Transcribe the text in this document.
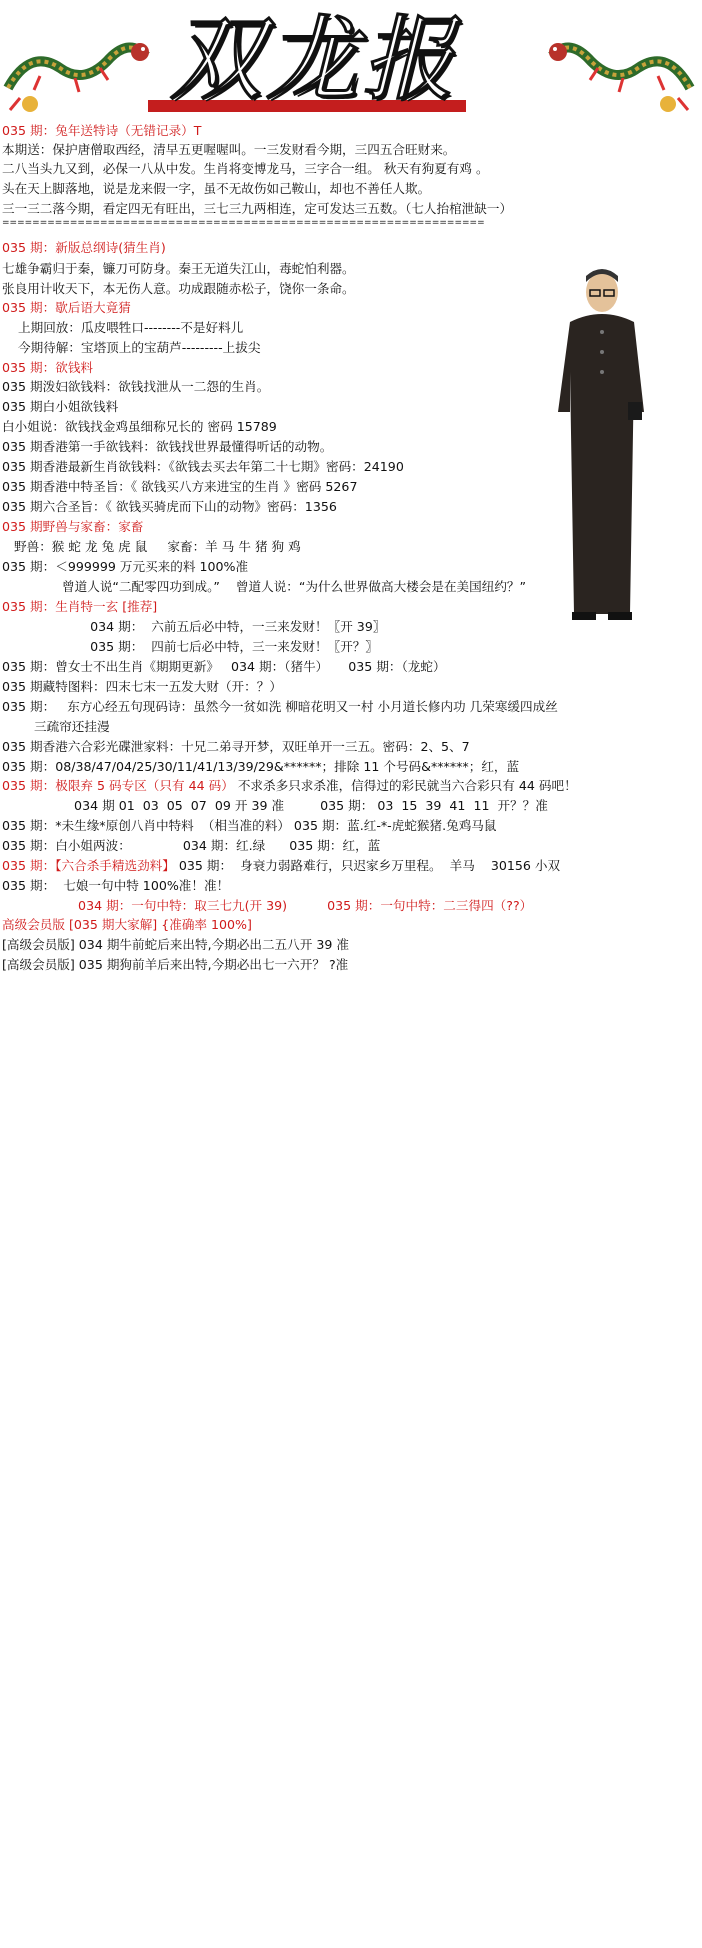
双龙报
035 期：兔年送特诗（无错记录）T
本期送：保护唐僧取西经，清早五更喔喔叫。一三发财看今期，三四五合旺财来。
二八当头九又到，必保一八从中发。生肖将变博龙马，三字合一组。 秋天有狗夏有鸡 。
头在天上脚落地，说是龙来假一字，虽不无故伤如己鞍山，却也不善任人欺。
三一三二落今期，看定四无有旺出，三七三九两相连，定可发达三五数。（七人抬棺泄缺一）
035 期：新版总纲诗(猜生肖)
七雄争霸归于秦，镰刀可防身。秦王无道失江山，毒蛇怕利器。
张良用计收天下，本无伤人意。功成跟随赤松子，饶你一条命。
035 期：歇后语大竟猜
上期回放：瓜皮喂牲口--------不是好料儿
今期待解：宝塔顶上的宝葫芦---------上拔尖
035 期：欲钱料
035 期泼妇欲钱料：欲钱找泄从一二怨的生肖。
035 期白小姐欲钱料
白小姐说：欲钱找金鸡虽细称兄长的 密码 15789
035 期香港第一手欲钱料：欲钱找世界最懂得听话的动物。
035 期香港最新生肖欲钱料：《欲钱去买去年第二十七期》密码：24190
035 期香港中特圣旨：《 欲钱买八方来进宝的生肖 》密码 5267
035 期六合圣旨：《 欲钱买骑虎而下山的动物》密码：1356
035 期野兽与家畜：家畜
野兽：猴 蛇 龙 兔 虎 鼠     家畜：羊 马 牛 猪 狗 鸡
035 期：＜999999 万元买来的料 100%准
曾道人说“二配零四功到成。”    曾道人说：“为什么世界做高大楼会是在美国纽约？”
035 期：生肖特一玄 [推荐]
034 期：  六前五后必中特，一三来发财！〖开 39〗
035 期：  四前七后必中特，三一来发财！〖开？〗
035 期：曾女士不出生肖《期期更新》   034 期：（猪牛）     035 期：（龙蛇）
035 期藏特图料：四末七末一五发大财（开：？）
035 期：   东方心经五句现码诗：虽然今一贫如洗 柳暗花明又一村 小月道长修内功 几荣寒缓四成丝
三疏帘还挂漫
035 期香港六合彩光碟泄家料：十兄二弟寻开梦，双旺单开一三五。密码：2、5、7
035 期：08/38/47/04/25/30/11/41/13/39/29&******；排除 11 个号码&******；红，蓝
035 期：极限弃 5 码专区（只有 44 码） 不求杀多只求杀准，信得过的彩民就当六合彩只有 44 码吧！
034 期 01  03  05  07  09 开 39 准         035 期： 03  15  39  41  11  开？？准
035 期：*未生缘*原创八肖中特料  （相当准的料） 035 期：蓝.红-*-虎蛇猴猪.兔鸡马鼠
035 期：白小姐两波：             034 期：红.绿      035 期：红，蓝
035 期：【六合杀手精选劲料】 035 期：  身衰力弱路难行，只迟家乡万里程。  羊马    30156 小双
035 期：  七娘一句中特 100%准！准！
034 期：一句中特：取三七九(开 39)          035 期：一句中特：二三得四（??）
高级会员版 [035 期大家解] {准确率 100%]
[高级会员版] 034 期牛前蛇后来出特,今期必出二五八开 39 准
[高级会员版] 035 期狗前羊后来出特,今期必出七一六开？ ?准
================================================================
